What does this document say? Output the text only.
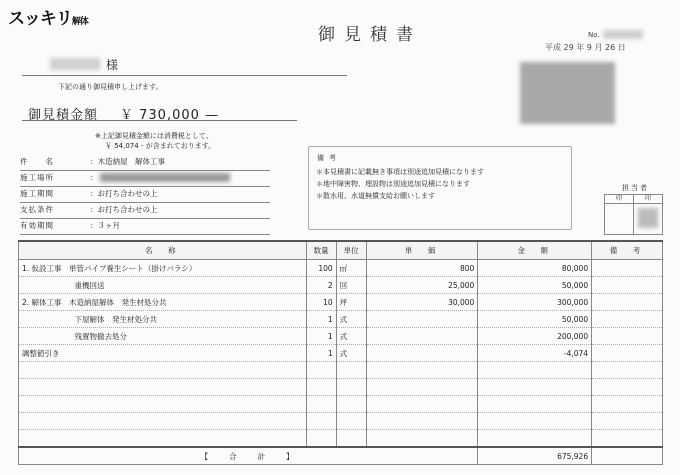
スッキリ解体
御見積書	No.
平成 29 年 9 月 26 日
様
下記の通り御見積申し上げます。
御見積金額 ￥ 730,000 —
※上記御見積金額には消費税として、
￥ 54,074 - が含まれております。
件　　名	：木造納屋　解体工事
施工場所	：
施工期間	：お打ち合わせの上
支払条件	：お打ち合わせの上
有効期間	：３ヶ月
備考
＊本見積書に記載無き事項は別途追加見積になります
＊地中障害物、埋設物は別途追加見積になります
＊散水用、水道無償支給お願いします
担当者
印	印
名　称	数量	単位	単　価	金　額	備　考
1. 仮設工事　単管パイプ養生シート（掛けバラシ）	100	㎡	800	80,000	
　　　　　　　重機回送	2	回	25,000	50,000	
2. 解体工事　木造納屋解体　発生材処分共	10	坪	30,000	300,000	
　　　　　　　下屋解体　発生材処分共	1	式		50,000	
　　　　　　　残置物撤去処分	1	式		200,000	
調整値引き	1	式		-4,074	

【　　合　　計　　】				675,926	
